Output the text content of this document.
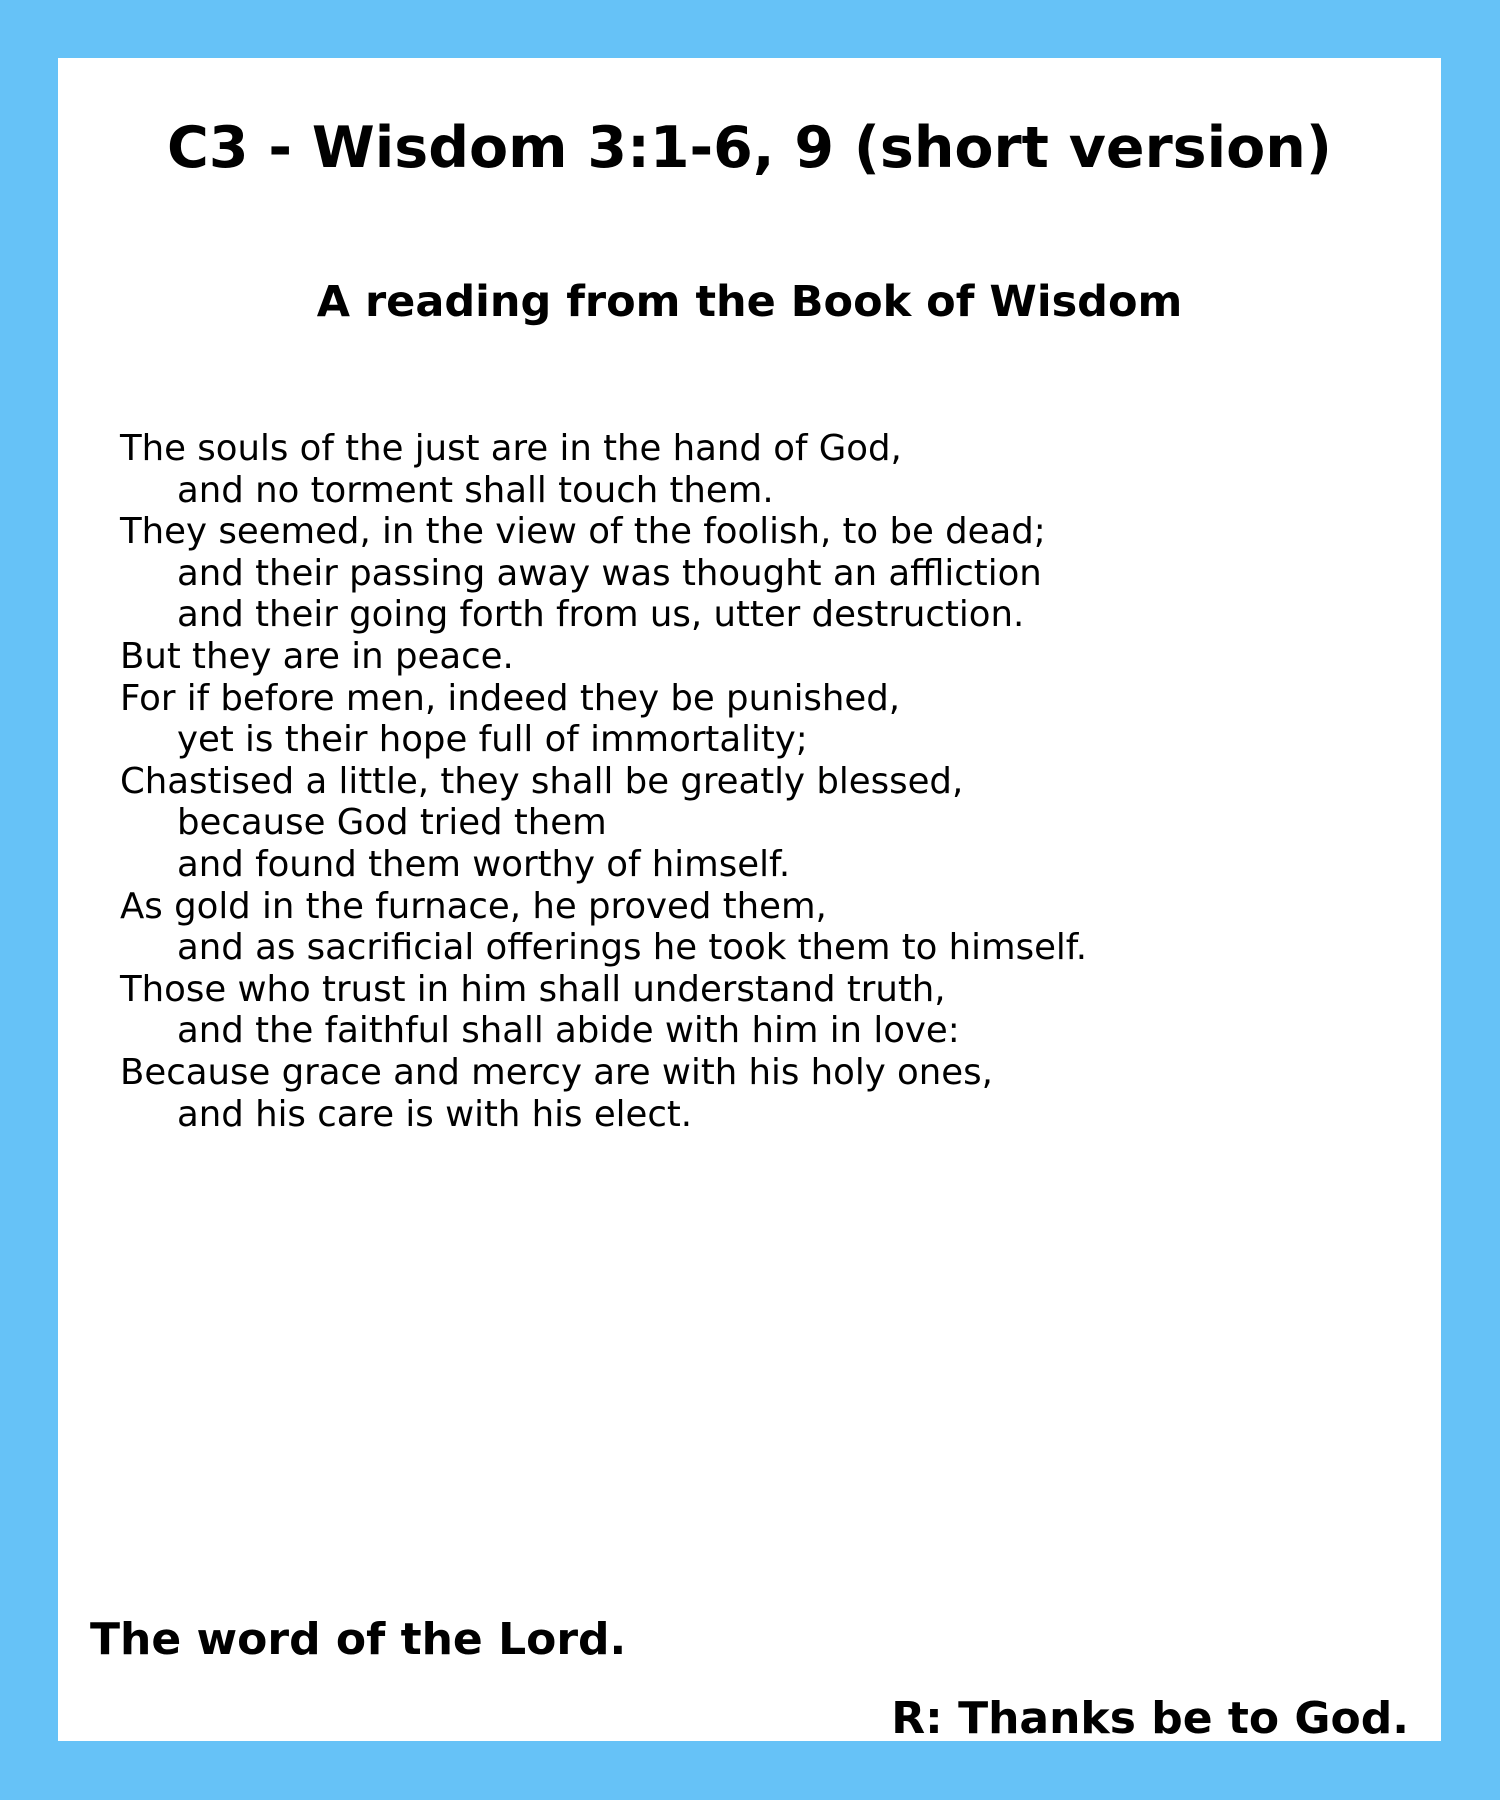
C3 - Wisdom 3:1-6, 9 (short version)
A reading from the Book of Wisdom
The souls of the just are in the hand of God,
and no torment shall touch them.
They seemed, in the view of the foolish, to be dead;
and their passing away was thought an affliction
and their going forth from us, utter destruction.
But they are in peace.
For if before men, indeed they be punished,
yet is their hope full of immortality;
Chastised a little, they shall be greatly blessed,
because God tried them
and found them worthy of himself.
As gold in the furnace, he proved them,
and as sacrificial offerings he took them to himself.
Those who trust in him shall understand truth,
and the faithful shall abide with him in love:
Because grace and mercy are with his holy ones,
and his care is with his elect.
The word of the Lord.
R: Thanks be to God.
